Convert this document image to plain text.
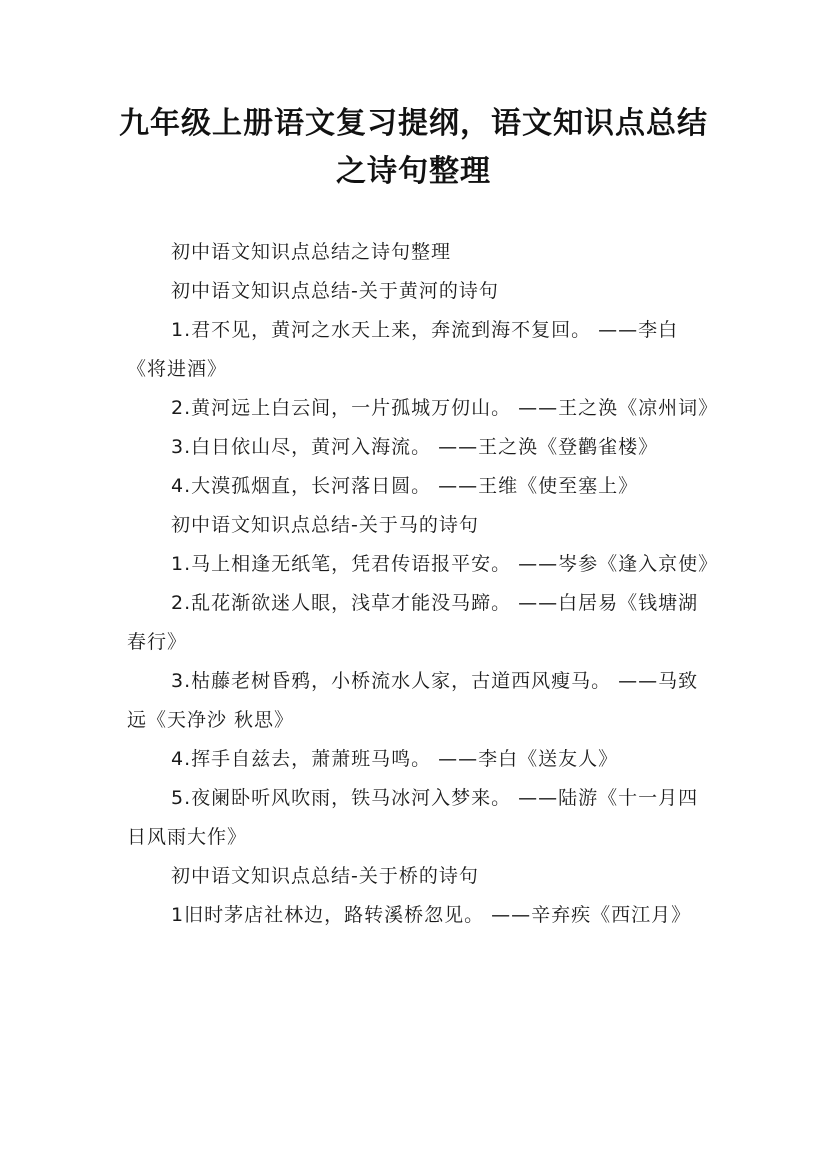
九年级上册语文复习提纲，语文知识点总结
之诗句整理

初中语文知识点总结之诗句整理

初中语文知识点总结-关于黄河的诗句

1.君不见，黄河之水天上来，奔流到海不复回。 ——李白《将进酒》

2.黄河远上白云间，一片孤城万仞山。 ——王之涣《凉州词》

3.白日依山尽，黄河入海流。 ——王之涣《登鹳雀楼》

4.大漠孤烟直，长河落日圆。 ——王维《使至塞上》

初中语文知识点总结-关于马的诗句

1.马上相逢无纸笔，凭君传语报平安。 ——岑参《逢入京使》

2.乱花渐欲迷人眼，浅草才能没马蹄。 ——白居易《钱塘湖春行》

3.枯藤老树昏鸦，小桥流水人家，古道西风瘦马。 ——马致远《天净沙 秋思》

4.挥手自兹去，萧萧班马鸣。 ——李白《送友人》

5.夜阑卧听风吹雨，铁马冰河入梦来。 ——陆游《十一月四日风雨大作》

初中语文知识点总结-关于桥的诗句

1旧时茅店社林边，路转溪桥忽见。 ——辛弃疾《西江月》
